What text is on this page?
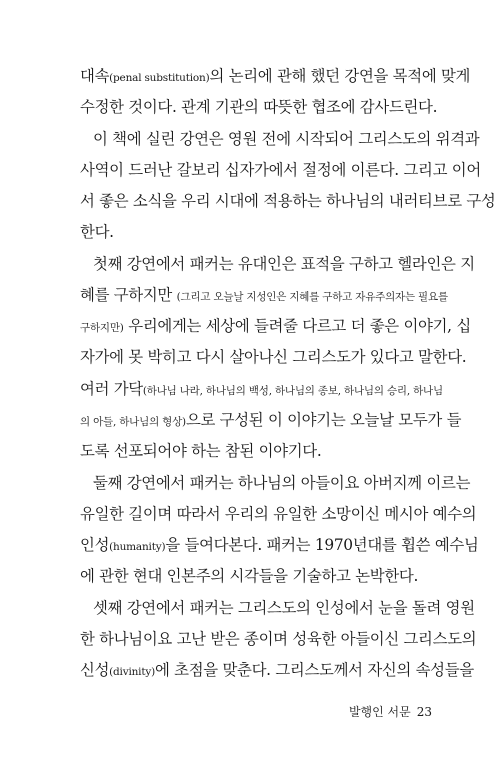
대속(penal substitution)의 논리에 관해 했던 강연을 목적에 맞게
수정한 것이다. 관계 기관의 따뜻한 협조에 감사드린다.
이 책에 실린 강연은 영원 전에 시작되어 그리스도의 위격과
사역이 드러난 갈보리 십자가에서 절정에 이른다. 그리고 이어
서 좋은 소식을 우리 시대에 적용하는 하나님의 내러티브로 구성
한다.
첫째 강연에서 패커는 유대인은 표적을 구하고 헬라인은 지
혜를 구하지만 (그리고 오늘날 지성인은 지혜를 구하고 자유주의자는 필요를
구하지만) 우리에게는 세상에 들려줄 다르고 더 좋은 이야기, 십
자가에 못 박히고 다시 살아나신 그리스도가 있다고 말한다.
여러 가닥(하나님 나라, 하나님의 백성, 하나님의 종보, 하나님의 승리, 하나님
의 아들, 하나님의 형상)으로 구성된 이 이야기는 오늘날 모두가 들
도록 선포되어야 하는 참된 이야기다.
둘째 강연에서 패커는 하나님의 아들이요 아버지께 이르는
유일한 길이며 따라서 우리의 유일한 소망이신 메시아 예수의
인성(humanity)을 들여다본다. 패커는 1970년대를 휩쓴 예수님
에 관한 현대 인본주의 시각들을 기술하고 논박한다.
셋째 강연에서 패커는 그리스도의 인성에서 눈을 돌려 영원
한 하나님이요 고난 받은 종이며 성육한 아들이신 그리스도의
신성(divinity)에 초점을 맞춘다. 그리스도께서 자신의 속성들을
발행인 서문 23
